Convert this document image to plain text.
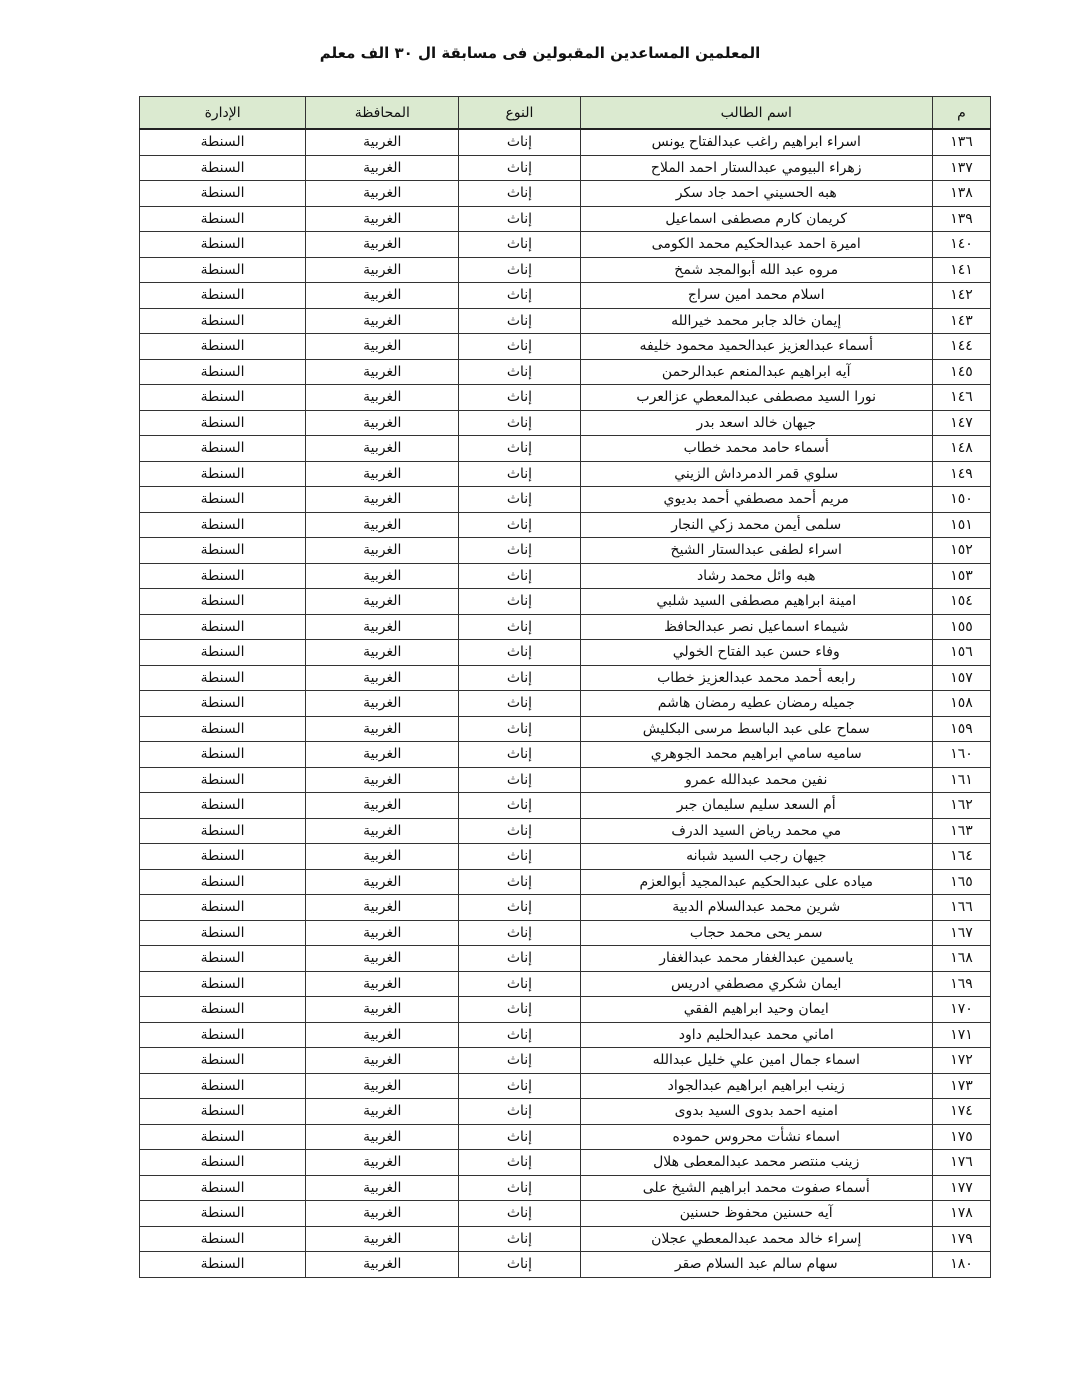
المعلمين المساعدين المقبولين فى مسابقة ال ٣٠ الف معلم
م	اسم الطالب	النوع	المحافظة	الإدارة
١٣٦	اسراء ابراهيم راغب عبدالفتاح يونس	إناث	الغربية	السنطة
١٣٧	زهراء البيومي عبدالستار احمد الملاح	إناث	الغربية	السنطة
١٣٨	هبه الحسيني احمد جاد سكر	إناث	الغربية	السنطة
١٣٩	كريمان كارم مصطفى اسماعيل	إناث	الغربية	السنطة
١٤٠	اميرة احمد عبدالحكيم محمد الكومى	إناث	الغربية	السنطة
١٤١	مروه عبد الله أبوالمجد شمخ	إناث	الغربية	السنطة
١٤٢	اسلام محمد امين سراج	إناث	الغربية	السنطة
١٤٣	إيمان خالد جابر محمد خيرالله	إناث	الغربية	السنطة
١٤٤	أسماء عبدالعزيز عبدالحميد محمود خليفه	إناث	الغربية	السنطة
١٤٥	آيه ابراهيم عبدالمنعم عبدالرحمن	إناث	الغربية	السنطة
١٤٦	نورا السيد مصطفى عبدالمعطي عزالعرب	إناث	الغربية	السنطة
١٤٧	جيهان خالد اسعد بدر	إناث	الغربية	السنطة
١٤٨	أسماء حامد محمد خطاب	إناث	الغربية	السنطة
١٤٩	سلوي قمر الدمرداش الزيني	إناث	الغربية	السنطة
١٥٠	مريم أحمد مصطفي أحمد بديوي	إناث	الغربية	السنطة
١٥١	سلمى أيمن محمد زكي النجار	إناث	الغربية	السنطة
١٥٢	اسراء لطفى عبدالستار الشيخ	إناث	الغربية	السنطة
١٥٣	هبه وائل محمد رشاد	إناث	الغربية	السنطة
١٥٤	امينة ابراهيم مصطفى السيد شلبي	إناث	الغربية	السنطة
١٥٥	شيماء اسماعيل نصر عبدالحافظ	إناث	الغربية	السنطة
١٥٦	وفاء حسن عبد الفتاح الخولي	إناث	الغربية	السنطة
١٥٧	رابعه أحمد محمد عبدالعزيز خطاب	إناث	الغربية	السنطة
١٥٨	جميله رمضان عطيه رمضان هاشم	إناث	الغربية	السنطة
١٥٩	سماح على عبد الباسط مرسى البكليش	إناث	الغربية	السنطة
١٦٠	ساميه سامي ابراهيم محمد الجوهري	إناث	الغربية	السنطة
١٦١	نفين محمد عبدالله عمرو	إناث	الغربية	السنطة
١٦٢	أم السعد سليم سليمان جبر	إناث	الغربية	السنطة
١٦٣	مي محمد رياض السيد الدرف	إناث	الغربية	السنطة
١٦٤	جيهان رجب السيد شبانه	إناث	الغربية	السنطة
١٦٥	مياده على عبدالحكيم عبدالمجيد أبوالعزم	إناث	الغربية	السنطة
١٦٦	شرين محمد عبدالسلام الدبية	إناث	الغربية	السنطة
١٦٧	سمر يحى محمد حجاب	إناث	الغربية	السنطة
١٦٨	ياسمين عبدالغفار محمد عبدالغفار	إناث	الغربية	السنطة
١٦٩	ايمان شكري مصطفي ادريس	إناث	الغربية	السنطة
١٧٠	ايمان وحيد ابراهيم الفقي	إناث	الغربية	السنطة
١٧١	اماني محمد عبدالحليم داود	إناث	الغربية	السنطة
١٧٢	اسماء جمال امين علي خليل عبدالله	إناث	الغربية	السنطة
١٧٣	زينب ابراهيم ابراهيم عبدالجواد	إناث	الغربية	السنطة
١٧٤	امنيه احمد بدوى السيد بدوى	إناث	الغربية	السنطة
١٧٥	اسماء نشأت محروس حموده	إناث	الغربية	السنطة
١٧٦	زينب منتصر محمد عبدالمعطى هلال	إناث	الغربية	السنطة
١٧٧	أسماء صفوت محمد ابراهيم الشيخ على	إناث	الغربية	السنطة
١٧٨	آيه حسنين محفوظ حسنين	إناث	الغربية	السنطة
١٧٩	إسراء خالد محمد عبدالمعطي عجلان	إناث	الغربية	السنطة
١٨٠	سهام سالم عبد السلام صقر	إناث	الغربية	السنطة
